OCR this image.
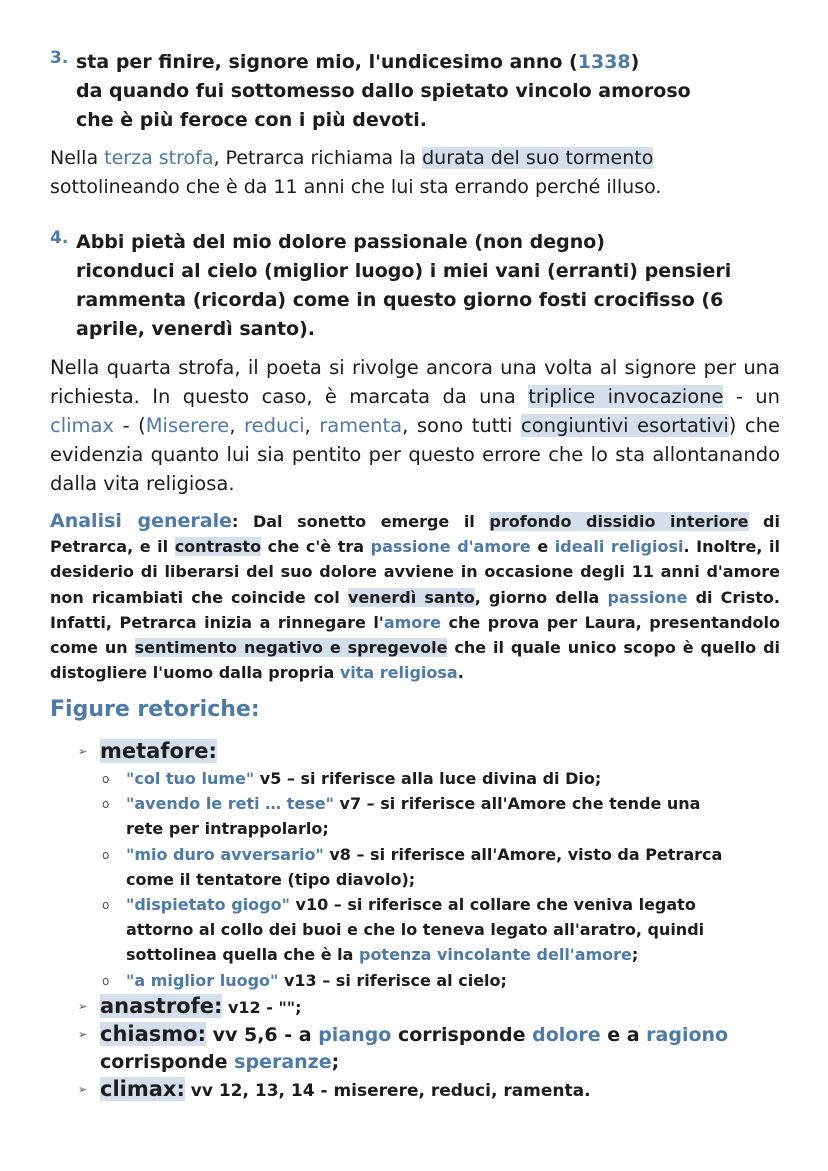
3. sta per finire, signore mio, l'undicesimo anno (1338)
da quando fui sottomesso dallo spietato vincolo amoroso
che è più feroce con i più devoti.
Nella terza strofa, Petrarca richiama la durata del suo tormento sottolineando che è da 11 anni che lui sta errando perché illuso.
4. Abbi pietà del mio dolore passionale (non degno)
riconduci al cielo (miglior luogo) i miei vani (erranti) pensieri
rammenta (ricorda) come in questo giorno fosti crocifisso (6 aprile, venerdì santo).
Nella quarta strofa, il poeta si rivolge ancora una volta al signore per una richiesta. In questo caso, è marcata da una triplice invocazione - un climax - (Miserere, reduci, ramenta, sono tutti congiuntivi esortativi) che evidenzia quanto lui sia pentito per questo errore che lo sta allontanando dalla vita religiosa.
Analisi generale: Dal sonetto emerge il profondo dissidio interiore di Petrarca, e il contrasto che c'è tra passione d'amore e ideali religiosi. Inoltre, il desiderio di liberarsi del suo dolore avviene in occasione degli 11 anni d'amore non ricambiati che coincide col venerdì santo, giorno della passione di Cristo. Infatti, Petrarca inizia a rinnegare l'amore che prova per Laura, presentandolo come un sentimento negativo e spregevole che il quale unico scopo è quello di distogliere l'uomo dalla propria vita religiosa.
Figure retoriche:
➢ metafore:
o "col tuo lume" v5 – si riferisce alla luce divina di Dio;
o "avendo le reti … tese" v7 – si riferisce all'Amore che tende una rete per intrappolarlo;
o "mio duro avversario" v8 – si riferisce all'Amore, visto da Petrarca come il tentatore (tipo diavolo);
o "dispietato giogo" v10 – si riferisce al collare che veniva legato attorno al collo dei buoi e che lo teneva legato all'aratro, quindi sottolinea quella che è la potenza vincolante dell'amore;
o "a miglior luogo" v13 – si riferisce al cielo;
➢ anastrofe: v12 - "";
➢ chiasmo: vv 5,6 - a piango corrisponde dolore e a ragiono corrisponde speranze;
➢ climax: vv 12, 13, 14 - miserere, reduci, ramenta.
